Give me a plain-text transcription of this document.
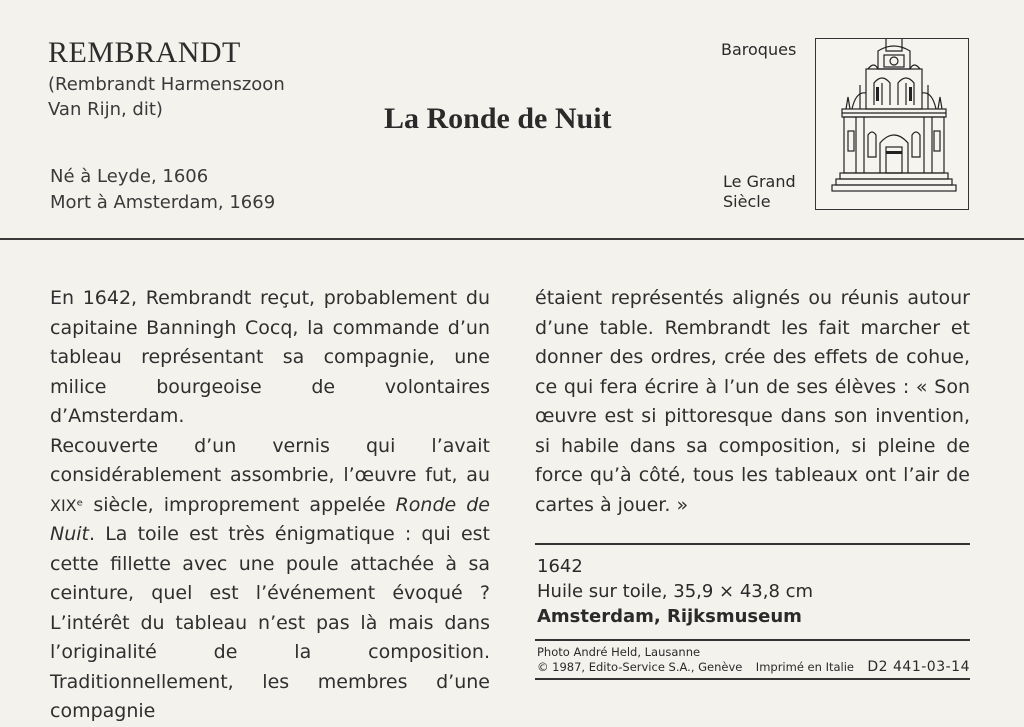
REMBRANDT
(Rembrandt Harmenszoon
Van Rijn, dit)
Né à Leyde, 1606
Mort à Amsterdam, 1669
La Ronde de Nuit
Baroques
Le Grand
Siècle

En 1642, Rembrandt reçut, probablement du capitaine Banningh Cocq, la commande d’un tableau représentant sa compagnie, une milice bourgeoise de volontaires d’Amsterdam.

Recouverte d’un vernis qui l’avait considérablement assombrie, l’œuvre fut, au XIXᵉ siècle, improprement appelée Ronde de Nuit. La toile est très énigmatique : qui est cette fillette avec une poule attachée à sa ceinture, quel est l’événement évoqué ? L’intérêt du tableau n’est pas là mais dans l’originalité de la composition. Traditionnellement, les membres d’une compagnie

étaient représentés alignés ou réunis autour d’une table. Rembrandt les fait marcher et donner des ordres, crée des effets de cohue, ce qui fera écrire à l’un de ses élèves : « Son œuvre est si pittoresque dans son invention, si habile dans sa composition, si pleine de force qu’à côté, tous les tableaux ont l’air de cartes à jouer. »

1642
Huile sur toile, 35,9 × 43,8 cm
Amsterdam, Rijksmuseum
Photo André Held, Lausanne
© 1987, Edito-Service S.A., Genève Imprimé en Italie D2 441-03-14
